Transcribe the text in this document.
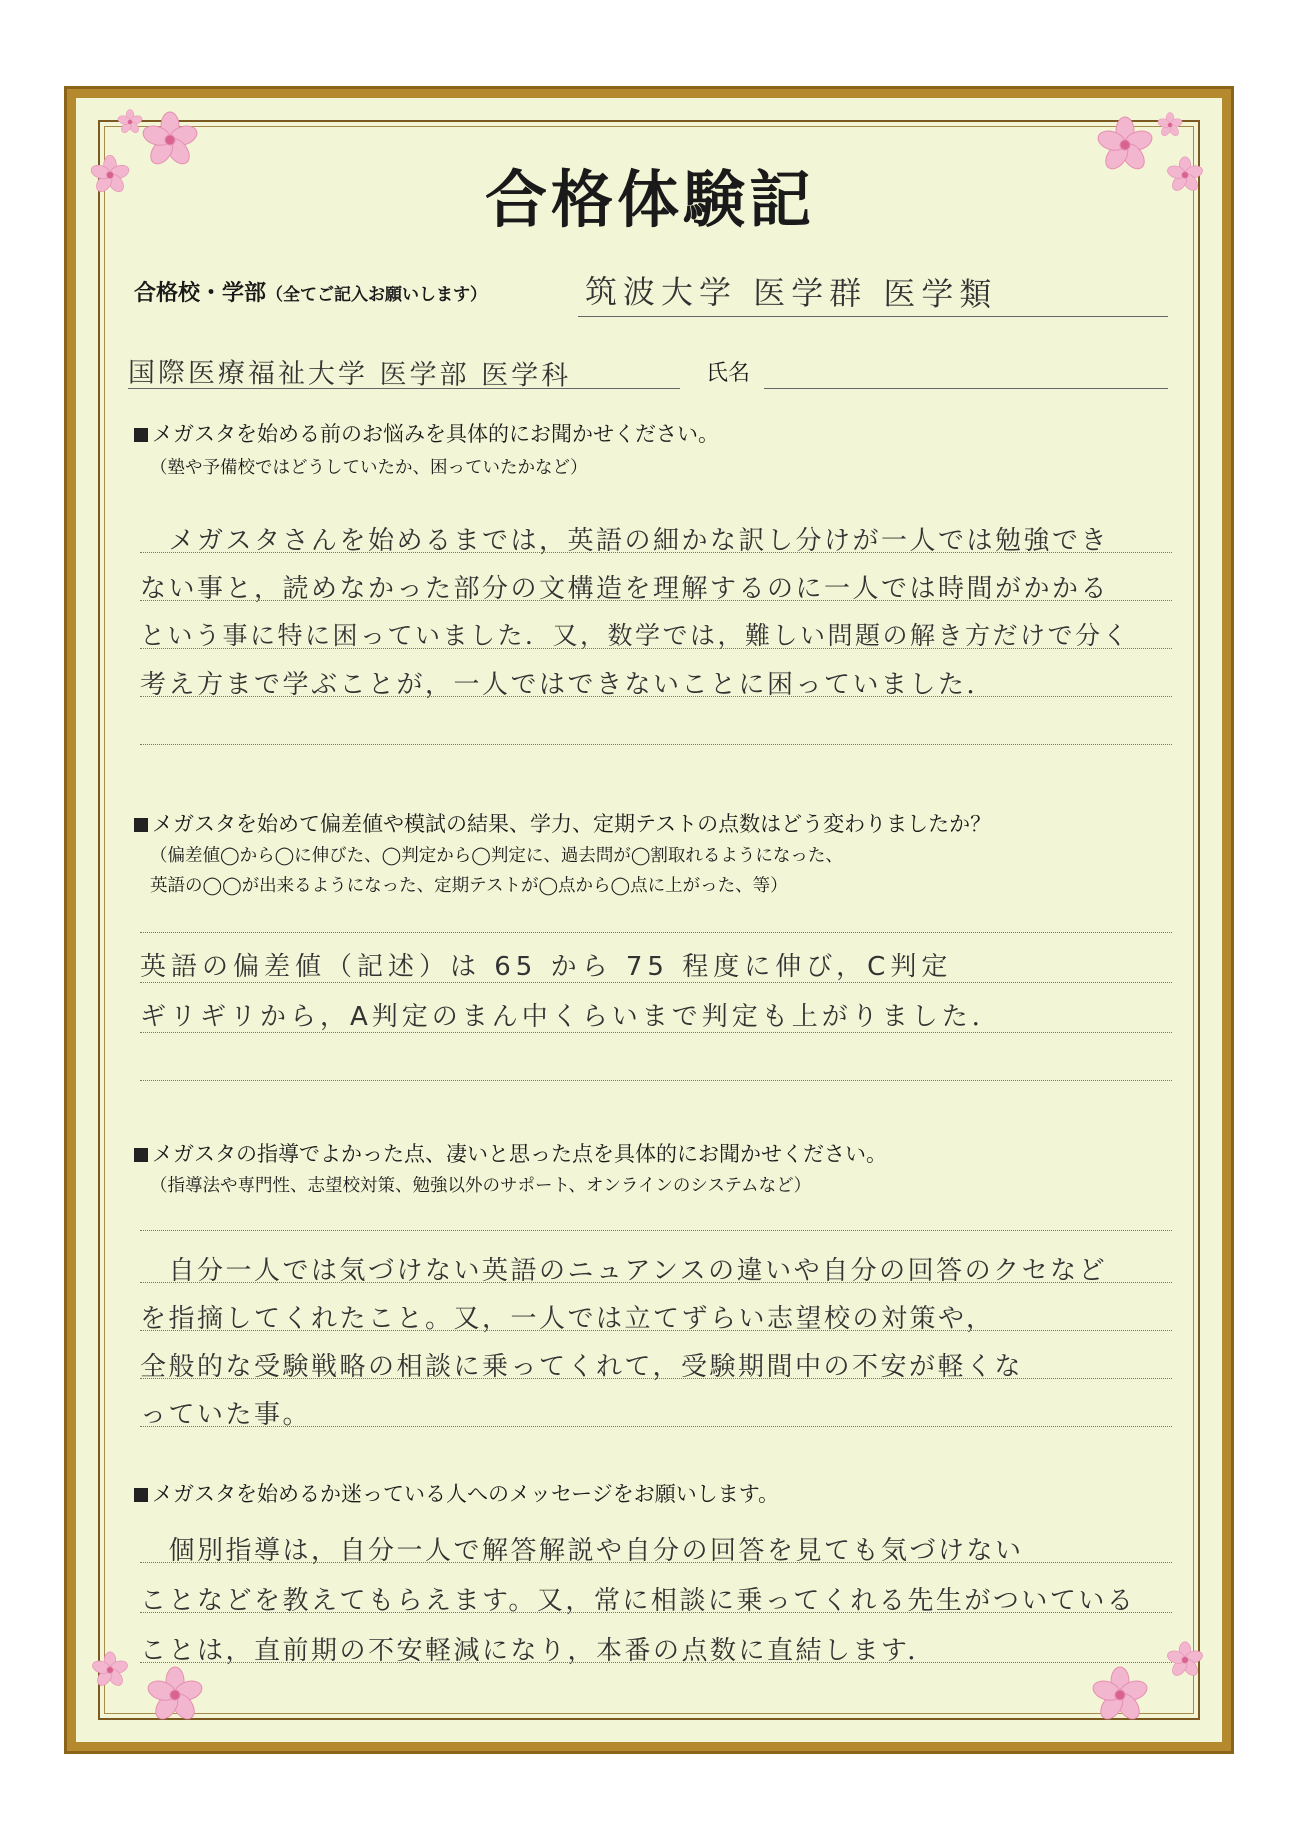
合格体験記
合格校・学部（全てご記入お願いします）	筑波大学 医学群 医学類
国際医療福祉大学 医学部 医学科	氏名
メガスタを始める前のお悩みを具体的にお聞かせください。
（塾や予備校ではどうしていたか、困っていたかなど）
　メガスタさんを始めるまでは，英語の細かな訳し分けが一人では勉強でき
ない事と，読めなかった部分の文構造を理解するのに一人では時間がかかる
という事に特に困っていました．又，数学では，難しい問題の解き方だけで分く
考え方まで学ぶことが，一人ではできないことに困っていました．
メガスタを始めて偏差値や模試の結果、学力、定期テストの点数はどう変わりましたか？
（偏差値◯から◯に伸びた、◯判定から◯判定に、過去問が◯割取れるようになった、
英語の◯◯が出来るようになった、定期テストが◯点から◯点に上がった、等）
英語の偏差値（記述）は 65 から 75 程度に伸び，C判定
ギリギリから，A判定のまん中くらいまで判定も上がりました．
メガスタの指導でよかった点、凄いと思った点を具体的にお聞かせください。
（指導法や専門性、志望校対策、勉強以外のサポート、オンラインのシステムなど）
　自分一人では気づけない英語のニュアンスの違いや自分の回答のクセなど
を指摘してくれたこと。又，一人では立てずらい志望校の対策や，
全般的な受験戦略の相談に乗ってくれて，受験期間中の不安が軽くな
っていた事。
メガスタを始めるか迷っている人へのメッセージをお願いします。
　個別指導は，自分一人で解答解説や自分の回答を見ても気づけない
ことなどを教えてもらえます。又，常に相談に乗ってくれる先生がついている
ことは，直前期の不安軽減になり，本番の点数に直結します．
